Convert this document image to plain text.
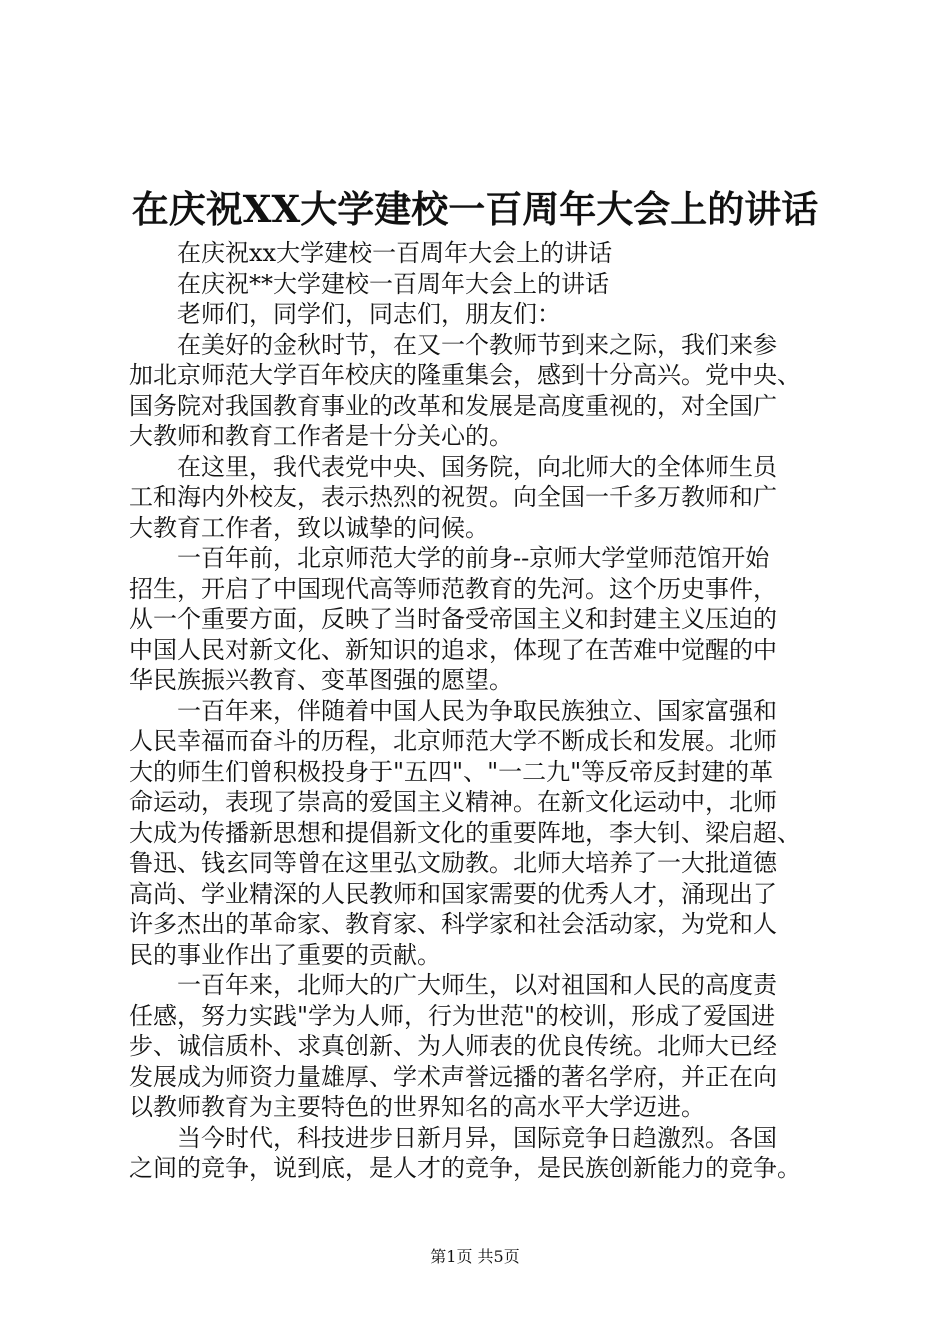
在庆祝XX大学建校一百周年大会上的讲话
　　在庆祝xx大学建校一百周年大会上的讲话
　　在庆祝**大学建校一百周年大会上的讲话
　　老师们，同学们，同志们，朋友们：
　　在美好的金秋时节，在又一个教师节到来之际，我们来参
加北京师范大学百年校庆的隆重集会，感到十分高兴。党中央、
国务院对我国教育事业的改革和发展是高度重视的，对全国广
大教师和教育工作者是十分关心的。
　　在这里，我代表党中央、国务院，向北师大的全体师生员
工和海内外校友，表示热烈的祝贺。向全国一千多万教师和广
大教育工作者，致以诚挚的问候。
　　一百年前，北京师范大学的前身--京师大学堂师范馆开始
招生，开启了中国现代高等师范教育的先河。这个历史事件，
从一个重要方面，反映了当时备受帝国主义和封建主义压迫的
中国人民对新文化、新知识的追求，体现了在苦难中觉醒的中
华民族振兴教育、变革图强的愿望。
　　一百年来，伴随着中国人民为争取民族独立、国家富强和
人民幸福而奋斗的历程，北京师范大学不断成长和发展。北师
大的师生们曾积极投身于"五四"、"一二九"等反帝反封建的革
命运动，表现了崇高的爱国主义精神。在新文化运动中，北师
大成为传播新思想和提倡新文化的重要阵地，李大钊、梁启超、
鲁迅、钱玄同等曾在这里弘文励教。北师大培养了一大批道德
高尚、学业精深的人民教师和国家需要的优秀人才，涌现出了
许多杰出的革命家、教育家、科学家和社会活动家，为党和人
民的事业作出了重要的贡献。
　　一百年来，北师大的广大师生，以对祖国和人民的高度责
任感，努力实践"学为人师，行为世范"的校训，形成了爱国进
步、诚信质朴、求真创新、为人师表的优良传统。北师大已经
发展成为师资力量雄厚、学术声誉远播的著名学府，并正在向
以教师教育为主要特色的世界知名的高水平大学迈进。
　　当今时代，科技进步日新月异，国际竞争日趋激烈。各国
之间的竞争，说到底，是人才的竞争，是民族创新能力的竞争。
第1页 共5页
